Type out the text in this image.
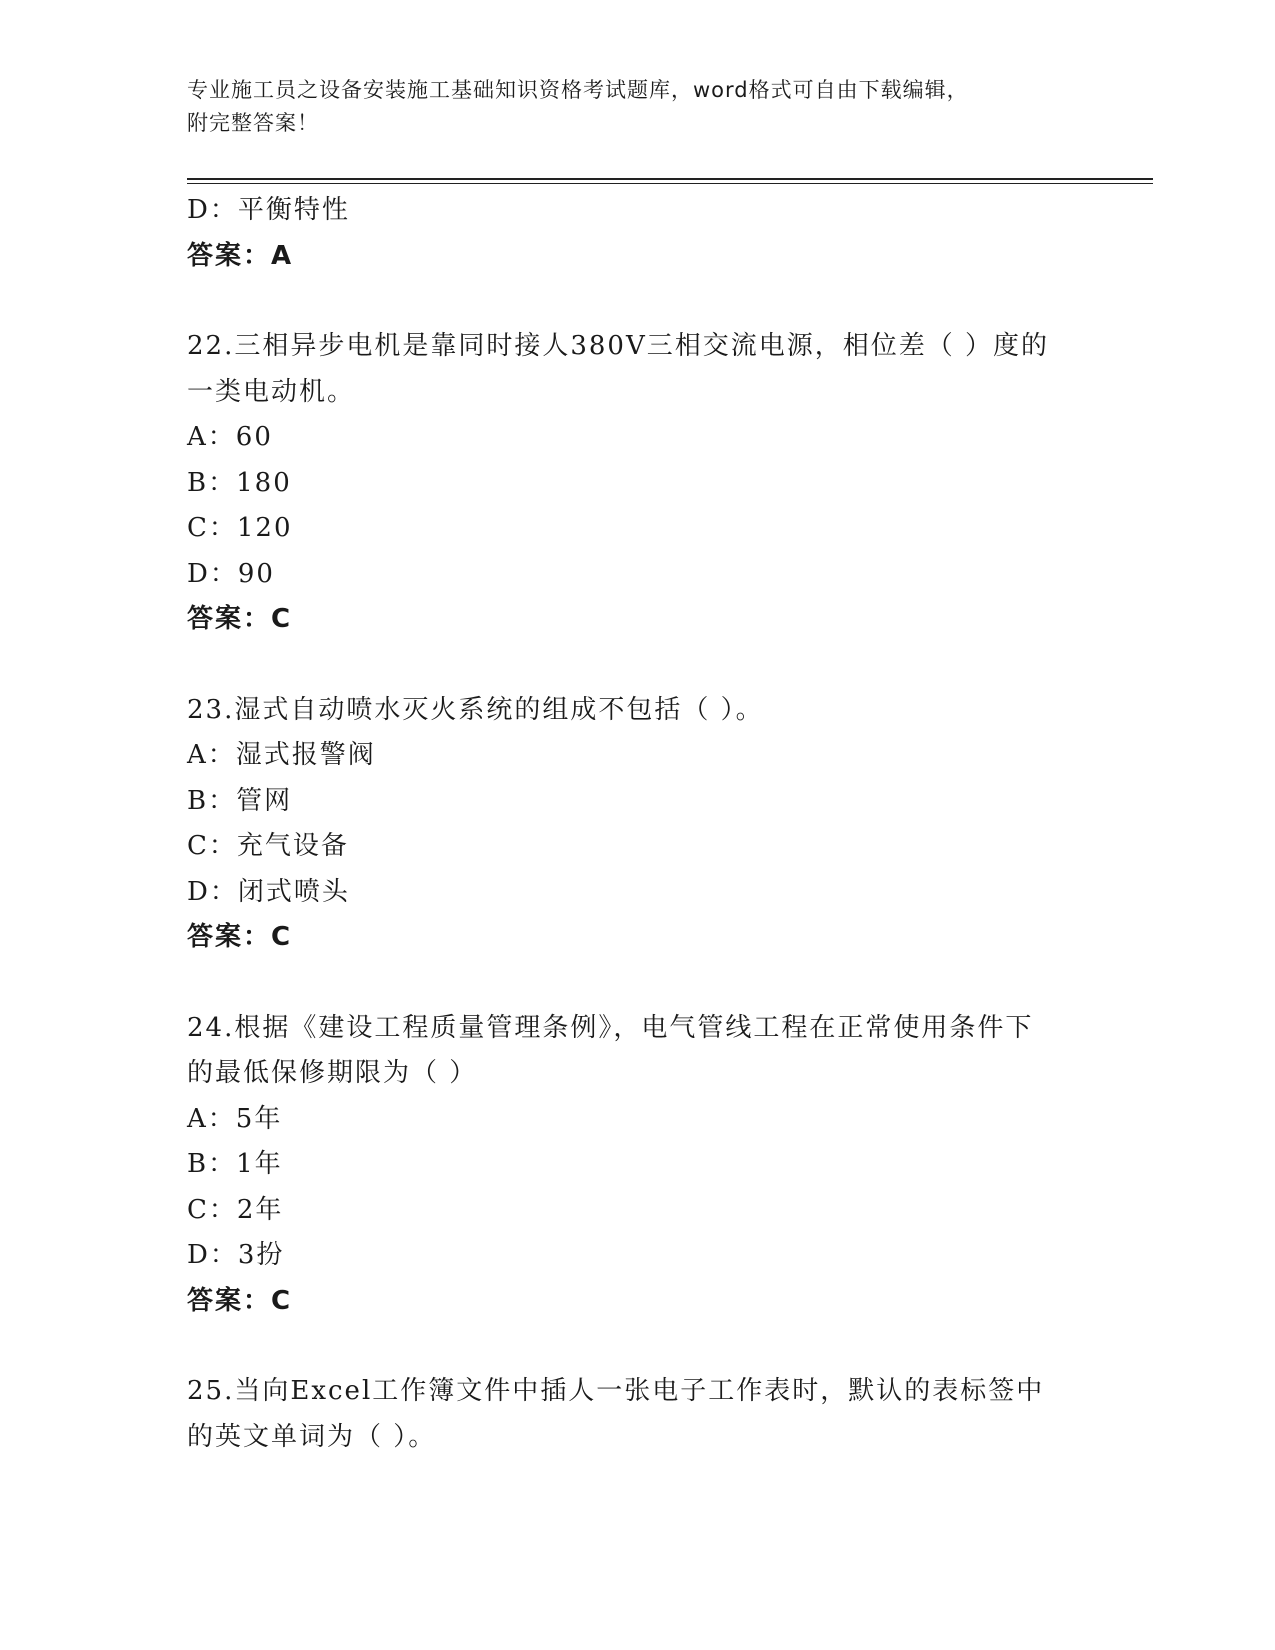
专业施工员之设备安装施工基础知识资格考试题库，word格式可自由下载编辑，
附完整答案！
D：平衡特性
答案：A
22.三相异步电机是靠同时接人380V三相交流电源，相位差（ ）度的
一类电动机。
A：60
B：180
C：120
D：90
答案：C
23.湿式自动喷水灭火系统的组成不包括（ ）。
A：湿式报警阀
B：管网
C：充气设备
D：闭式喷头
答案：C
24.根据《建设工程质量管理条例》，电气管线工程在正常使用条件下
的最低保修期限为（ ）
A：5年
B：1年
C：2年
D：3扮
答案：C
25.当向Excel工作簿文件中插人一张电子工作表时，默认的表标签中
的英文单词为（ ）。
